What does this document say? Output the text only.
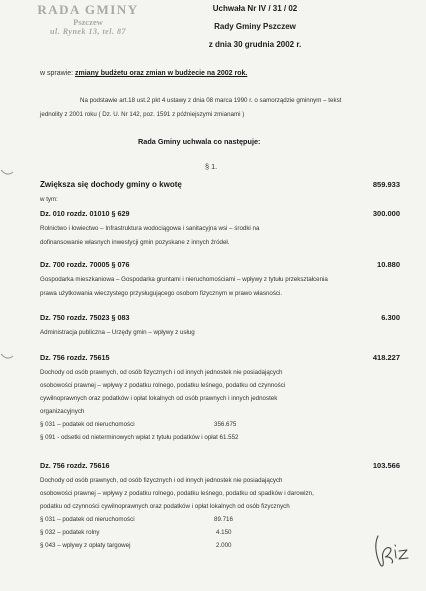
RADA GMINY
Pszczew
ul. Rynek 13, tel. 87
Uchwała Nr IV / 31 / 02
Rady Gminy Pszczew
z dnia 30 grudnia 2002 r.
w sprawie: zmiany budżetu oraz zmian w budżecie na 2002 rok.
Na podstawie art.18 ust.2 pkt 4 ustawy z dnia 08 marca 1990 r. o samorządzie gminnym – tekst
jednolity z 2001 roku ( Dz. U. Nr 142, poz. 1591 z późniejszymi zmianami )
Rada Gminy uchwala co następuje:
§ 1.
Zwiększa się dochody gminy o kwotę	859.933
w tym:
Dz. 010 rozdz. 01010 § 629	300.000
Rolnictwo i łowiectwo – Infrastruktura wodociągowa i sanitacyjna wsi – środki na
dofinansowanie własnych inwestycji gmin pozyskane z innych źródeł.
Dz. 700 rozdz. 70005 § 076	10.880
Gospodarka mieszkaniowa – Gospodarka gruntami i nieruchomościami – wpływy z tytułu przekształcenia
prawa użytkowania wieczystego przysługującego osobom fizycznym w prawo własności.
Dz. 750 rozdz. 75023 § 083	6.300
Administracja publiczna – Urzędy gmin – wpływy z usług
Dz. 756 rozdz. 75615	418.227
Dochody od osób prawnych, od osób fizycznych i od innych jednostek nie posiadających
osobowości prawnej – wpływy z podatku rolnego, podatku leśnego, podatku od czynności
cywilnoprawnych oraz podatków i opłat lokalnych od osób prawnych i innych jednostek
organizacyjnych
§ 031 – podatek od nieruchomości	356.675
§ 091 - odsetki od nieterminowych wpłat z tytułu podatków i opłat 61.552
Dz. 756 rozdz. 75616	103.566
Dochody od osób prawnych, od osób fizycznych i od innych jednostek nie posiadających
osobowości prawnej – wpływy z podatku rolnego, podatku leśnego, podatku od spadków i darowizn,
podatku od czynności cywilnoprawnych oraz podatków i opłat lokalnych od osób fizycznych
§ 031 – podatek od nieruchomości	89.716
§ 032 – podatek rolny	4.150
§ 043 – wpływy z opłaty targowej	2.000
